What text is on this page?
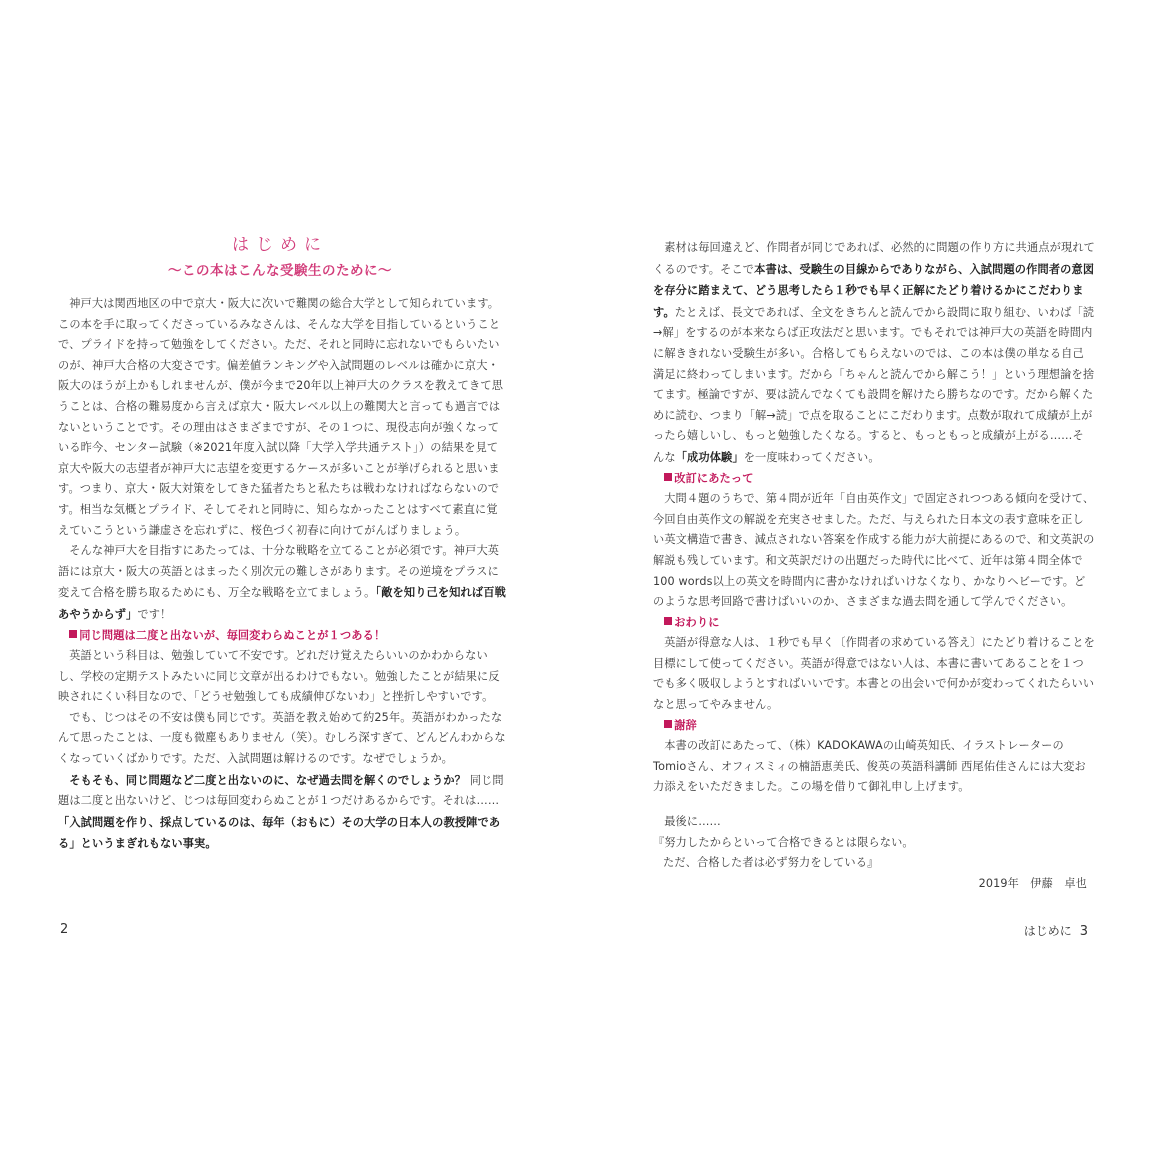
はじめに
〜この本はこんな受験生のために〜

神戸大は関西地区の中で京大・阪大に次いで難関の総合大学として知られています。この本を手に取ってくださっているみなさんは、そんな大学を目指しているということで、プライドを持って勉強をしてください。ただ、それと同時に忘れないでもらいたいのが、神戸大合格の大変さです。偏差値ランキングや入試問題のレベルは確かに京大・阪大のほうが上かもしれませんが、僕が今まで20年以上神戸大のクラスを教えてきて思うことは、合格の難易度から言えば京大・阪大レベル以上の難関大と言っても過言ではないということです。その理由はさまざまですが、その１つに、現役志向が強くなっている昨今、センター試験（※2021年度入試以降「大学入学共通テスト」）の結果を見て京大や阪大の志望者が神戸大に志望を変更するケースが多いことが挙げられると思います。つまり、京大・阪大対策をしてきた猛者たちと私たちは戦わなければならないのです。相当な気概とプライド、そしてそれと同時に、知らなかったことはすべて素直に覚えていこうという謙虚さを忘れずに、桜色づく初春に向けてがんばりましょう。

そんな神戸大を目指すにあたっては、十分な戦略を立てることが必須です。神戸大英語には京大・阪大の英語とはまったく別次元の難しさがあります。その逆境をプラスに変えて合格を勝ち取るためにも、万全な戦略を立てましょう。「敵を知り己を知れば百戦あやうからず」です！

同じ問題は二度と出ないが、毎回変わらぬことが１つある！

英語という科目は、勉強していて不安です。どれだけ覚えたらいいのかわからないし、学校の定期テストみたいに同じ文章が出るわけでもない。勉強したことが結果に反映されにくい科目なので、「どうせ勉強しても成績伸びないわ」と挫折しやすいです。

でも、じつはその不安は僕も同じです。英語を教え始めて約25年。英語がわかったなんて思ったことは、一度も微塵もありません（笑）。むしろ深すぎて、どんどんわからなくなっていくばかりです。ただ、入試問題は解けるのです。なぜでしょうか。

そもそも、同じ問題など二度と出ないのに、なぜ過去問を解くのでしょうか？ 同じ問題は二度と出ないけど、じつは毎回変わらぬことが１つだけあるからです。それは……

「入試問題を作り、採点しているのは、毎年（おもに）その大学の日本人の教授陣である」というまぎれもない事実。

2

素材は毎回違えど、作問者が同じであれば、必然的に問題の作り方に共通点が現れてくるのです。そこで本書は、受験生の目線からでありながら、入試問題の作問者の意図を存分に踏まえて、どう思考したら１秒でも早く正解にたどり着けるかにこだわります。たとえば、長文であれば、全文をきちんと読んでから設問に取り組む、いわば「読→解」をするのが本来ならば正攻法だと思います。でもそれでは神戸大の英語を時間内に解ききれない受験生が多い。合格してもらえないのでは、この本は僕の単なる自己満足に終わってしまいます。だから「ちゃんと読んでから解こう！」という理想論を捨てます。極論ですが、要は読んでなくても設問を解けたら勝ちなのです。だから解くために読む、つまり「解→読」で点を取ることにこだわります。点数が取れて成績が上がったら嬉しいし、もっと勉強したくなる。すると、もっともっと成績が上がる……そんな「成功体験」を一度味わってください。

改訂にあたって

大問４題のうちで、第４問が近年「自由英作文」で固定されつつある傾向を受けて、今回自由英作文の解説を充実させました。ただ、与えられた日本文の表す意味を正しい英文構造で書き、減点されない答案を作成する能力が大前提にあるので、和文英訳の解説も残しています。和文英訳だけの出題だった時代に比べて、近年は第４問全体で100 words以上の英文を時間内に書かなければいけなくなり、かなりヘビーです。どのような思考回路で書けばいいのか、さまざまな過去問を通して学んでください。

おわりに

英語が得意な人は、１秒でも早く〔作問者の求めている答え〕にたどり着けることを目標にして使ってください。英語が得意ではない人は、本書に書いてあることを１つでも多く吸収しようとすればいいです。本書との出会いで何かが変わってくれたらいいなと思ってやみません。

謝辞

本書の改訂にあたって、（株）KADOKAWAの山崎英知氏、イラストレーターのTomioさん、オフィスミィの楠語恵美氏、俊英の英語科講師 西尾佑佳さんには大変お力添えをいただきました。この場を借りて御礼申し上げます。

最後に……

『努力したからといって合格できるとは限らない。

ただ、合格した者は必ず努力をしている』

2019年　伊藤　卓也

はじめに 3
